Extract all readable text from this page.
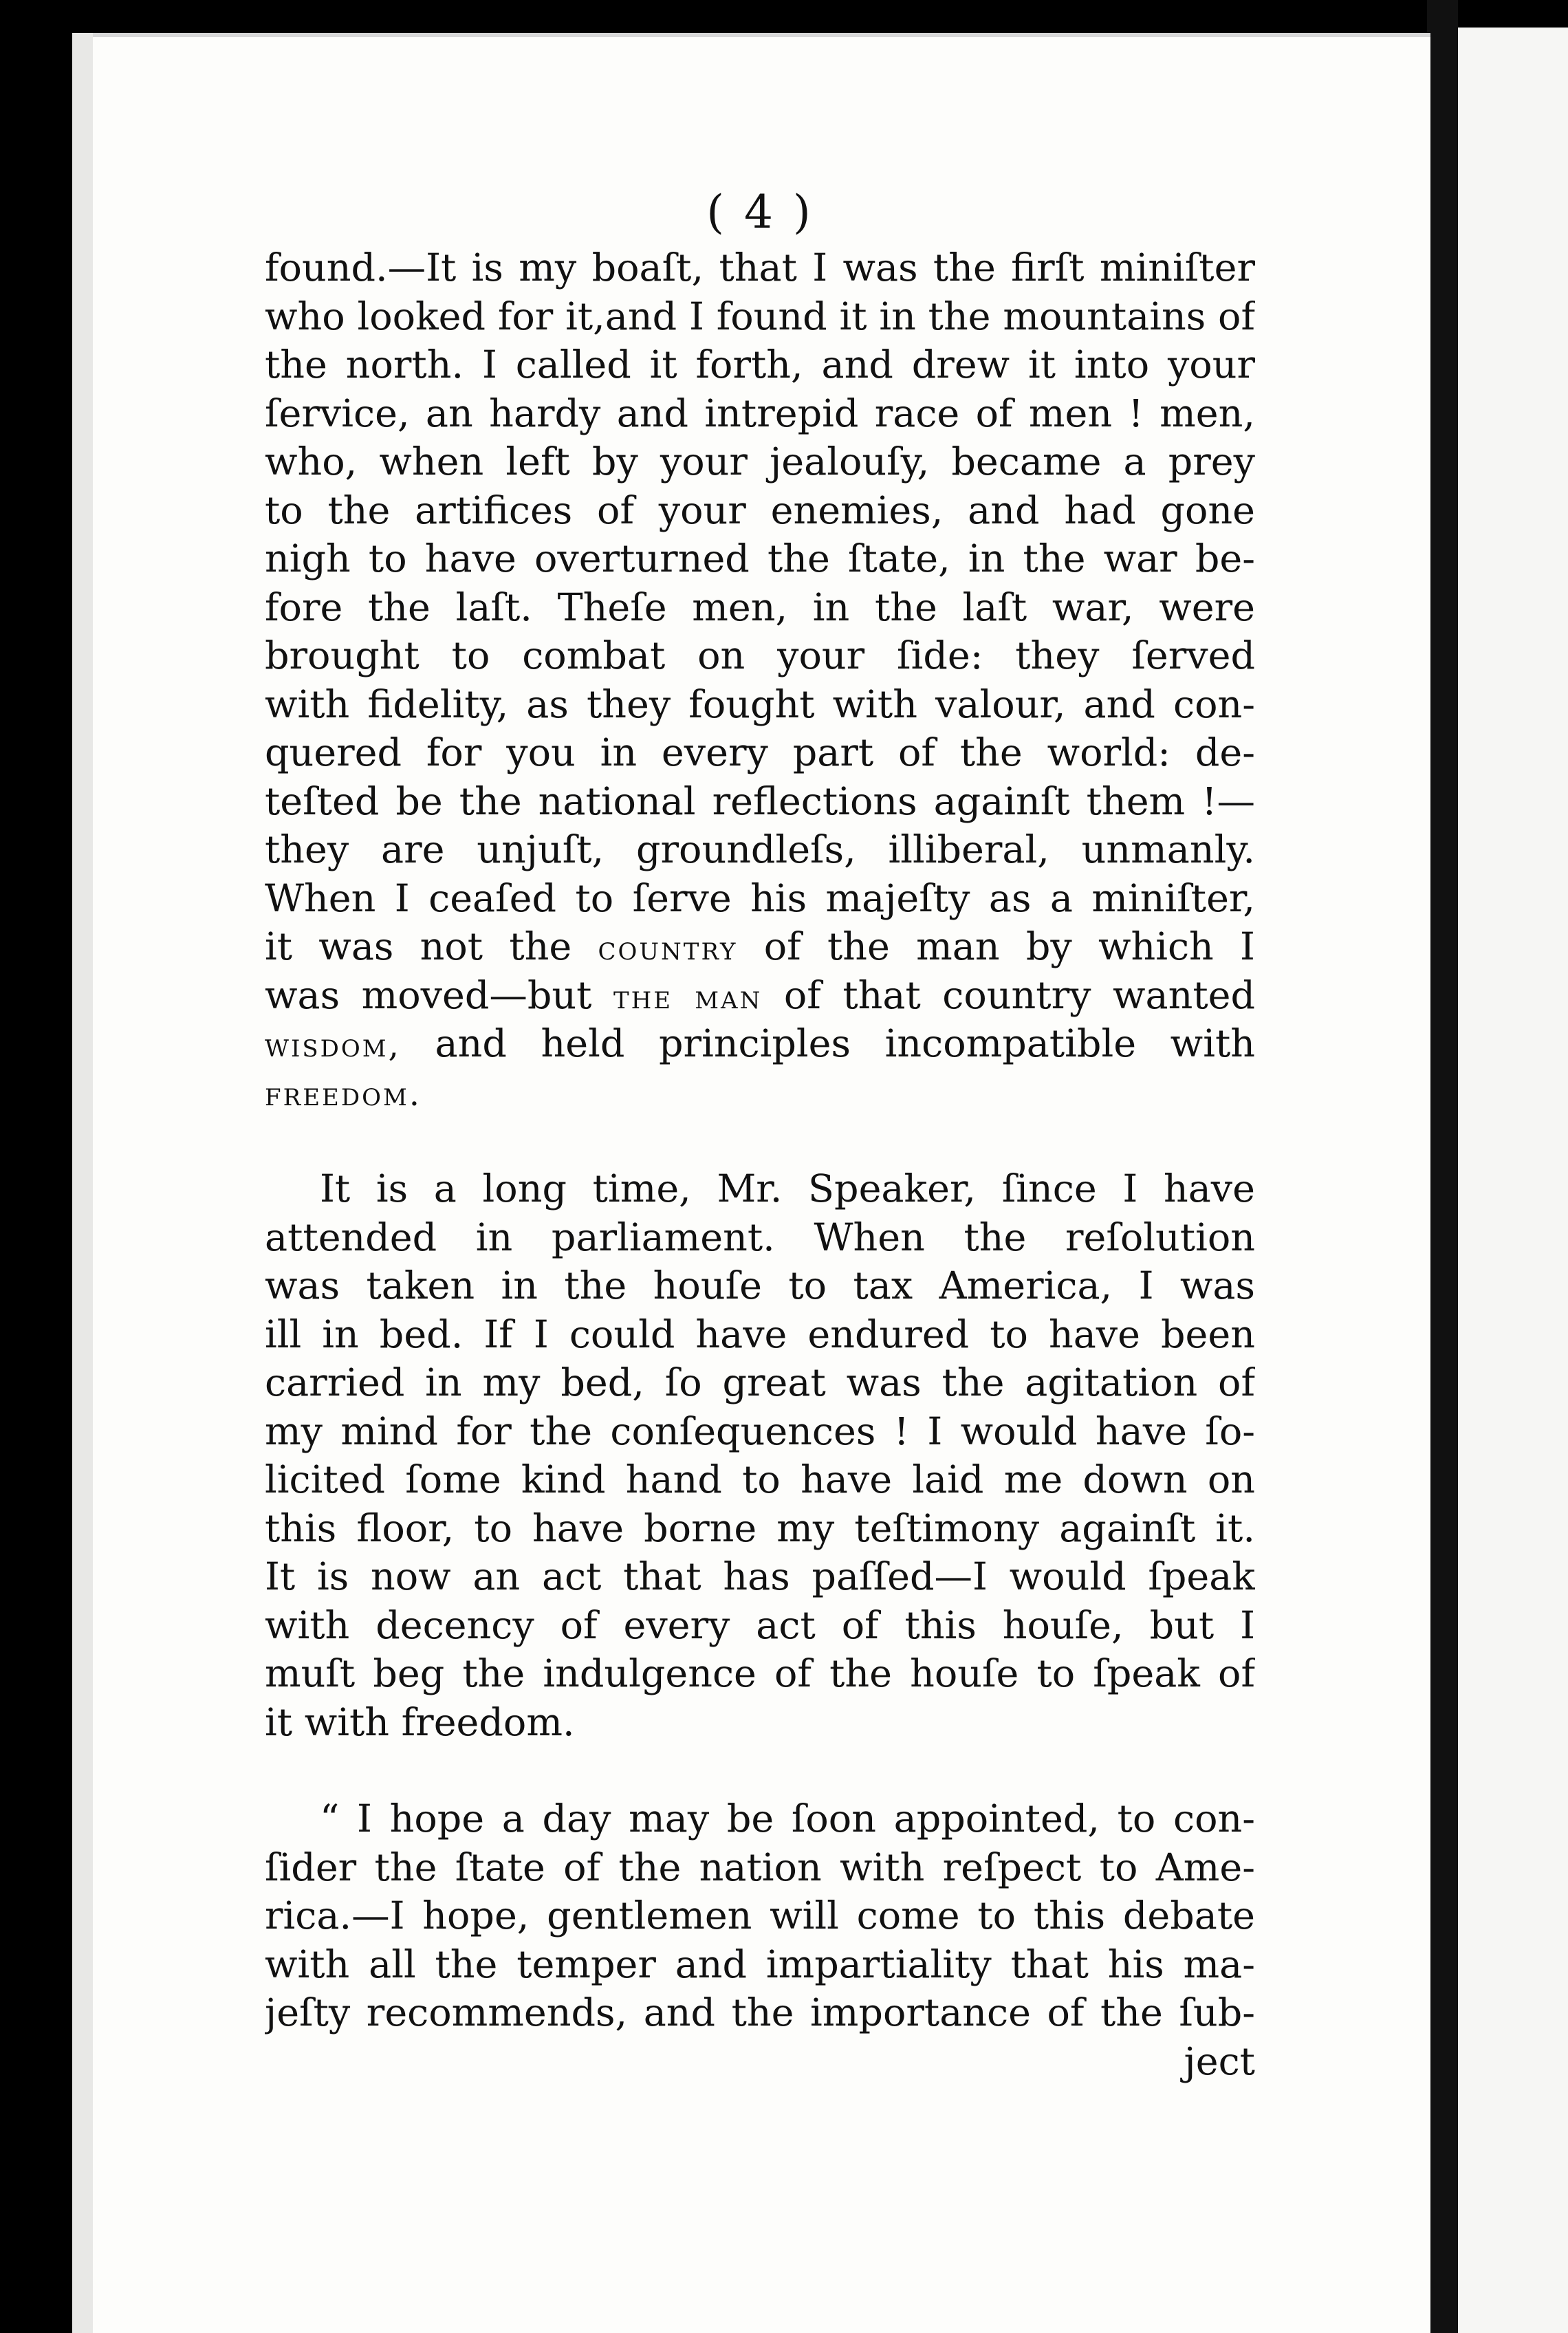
( 4 )
found.—It is my boaſt, that I was the firſt miniſter
who looked for it,and I found it in the mountains of
the north. I called it forth, and drew it into your
ſervice, an hardy and intrepid race of men ! men,
who, when left by your jealouſy, became a prey
to the artifices of your enemies, and had gone
nigh to have overturned the ſtate, in the war be-
fore the laſt. Theſe men, in the laſt war, were
brought to combat on your ſide: they ſerved
with fidelity, as they fought with valour, and con-
quered for you in every part of the world: de-
teſted be the national reflections againſt them !—
they are unjuſt, groundleſs, illiberal, unmanly.
When I ceaſed to ſerve his majeſty as a miniſter,
it was not the country of the man by which I
was moved—but the man of that country wanted
wisdom, and held principles incompatible with
freedom.
It is a long time, Mr. Speaker, ſince I have
attended in parliament. When the reſolution
was taken in the houſe to tax America, I was
ill in bed. If I could have endured to have been
carried in my bed, ſo great was the agitation of
my mind for the conſequences ! I would have ſo-
licited ſome kind hand to have laid me down on
this floor, to have borne my teſtimony againſt it.
It is now an act that has paſſed—I would ſpeak
with decency of every act of this houſe, but I
muſt beg the indulgence of the houſe to ſpeak of
it with freedom.
“ I hope a day may be ſoon appointed, to con-
ſider the ſtate of the nation with reſpect to Ame-
rica.—I hope, gentlemen will come to this debate
with all the temper and impartiality that his ma-
jeſty recommends, and the importance of the ſub-
ject
